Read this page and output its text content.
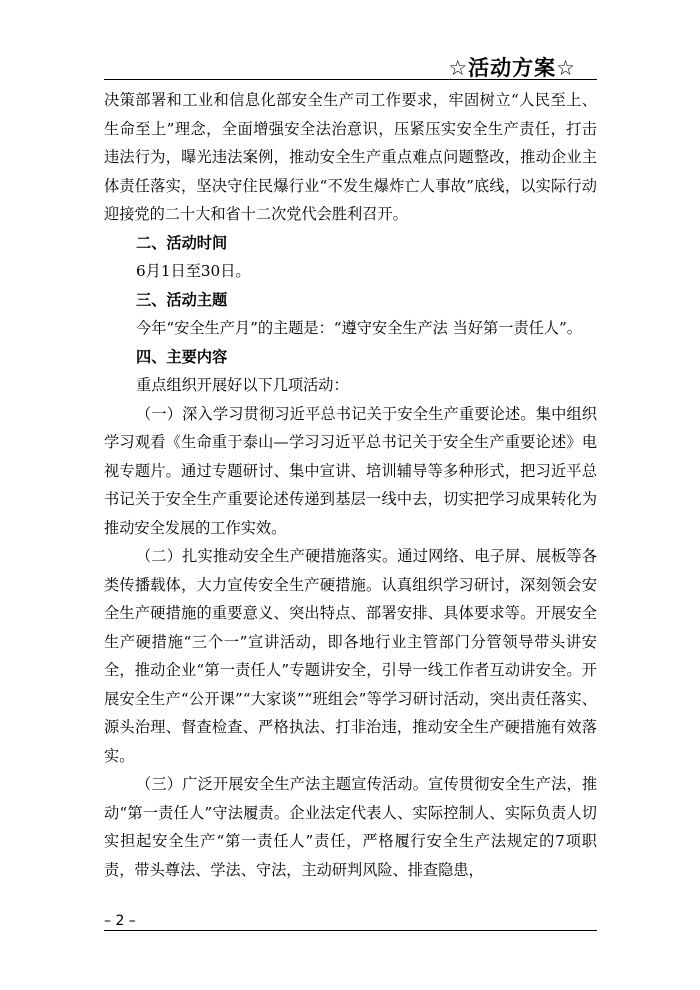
☆活动方案☆

决策部署和工业和信息化部安全生产司工作要求，牢固树立“人民至上、生命至上”理念，全面增强安全法治意识，压紧压实安全生产责任，打击违法行为，曝光违法案例，推动安全生产重点难点问题整改，推动企业主体责任落实，坚决守住民爆行业“不发生爆炸亡人事故”底线，以实际行动迎接党的二十大和省十二次党代会胜利召开。

二、活动时间

6月1日至30日。

三、活动主题

今年“安全生产月”的主题是：“遵守安全生产法 当好第一责任人”。

四、主要内容

重点组织开展好以下几项活动：

（一）深入学习贯彻习近平总书记关于安全生产重要论述。集中组织学习观看《生命重于泰山—学习习近平总书记关于安全生产重要论述》电视专题片。通过专题研讨、集中宣讲、培训辅导等多种形式，把习近平总书记关于安全生产重要论述传递到基层一线中去，切实把学习成果转化为推动安全发展的工作实效。

（二）扎实推动安全生产硬措施落实。通过网络、电子屏、展板等各类传播载体，大力宣传安全生产硬措施。认真组织学习研讨，深刻领会安全生产硬措施的重要意义、突出特点、部署安排、具体要求等。开展安全生产硬措施“三个一”宣讲活动，即各地行业主管部门分管领导带头讲安全，推动企业“第一责任人”专题讲安全，引导一线工作者互动讲安全。开展安全生产“公开课”“大家谈”“班组会”等学习研讨活动，突出责任落实、源头治理、督查检查、严格执法、打非治违，推动安全生产硬措施有效落实。

（三）广泛开展安全生产法主题宣传活动。宣传贯彻安全生产法，推动“第一责任人”守法履责。企业法定代表人、实际控制人、实际负责人切实担起安全生产“第一责任人”责任，严格履行安全生产法规定的7项职责，带头尊法、学法、守法，主动研判风险、排查隐患，

– 2 –
